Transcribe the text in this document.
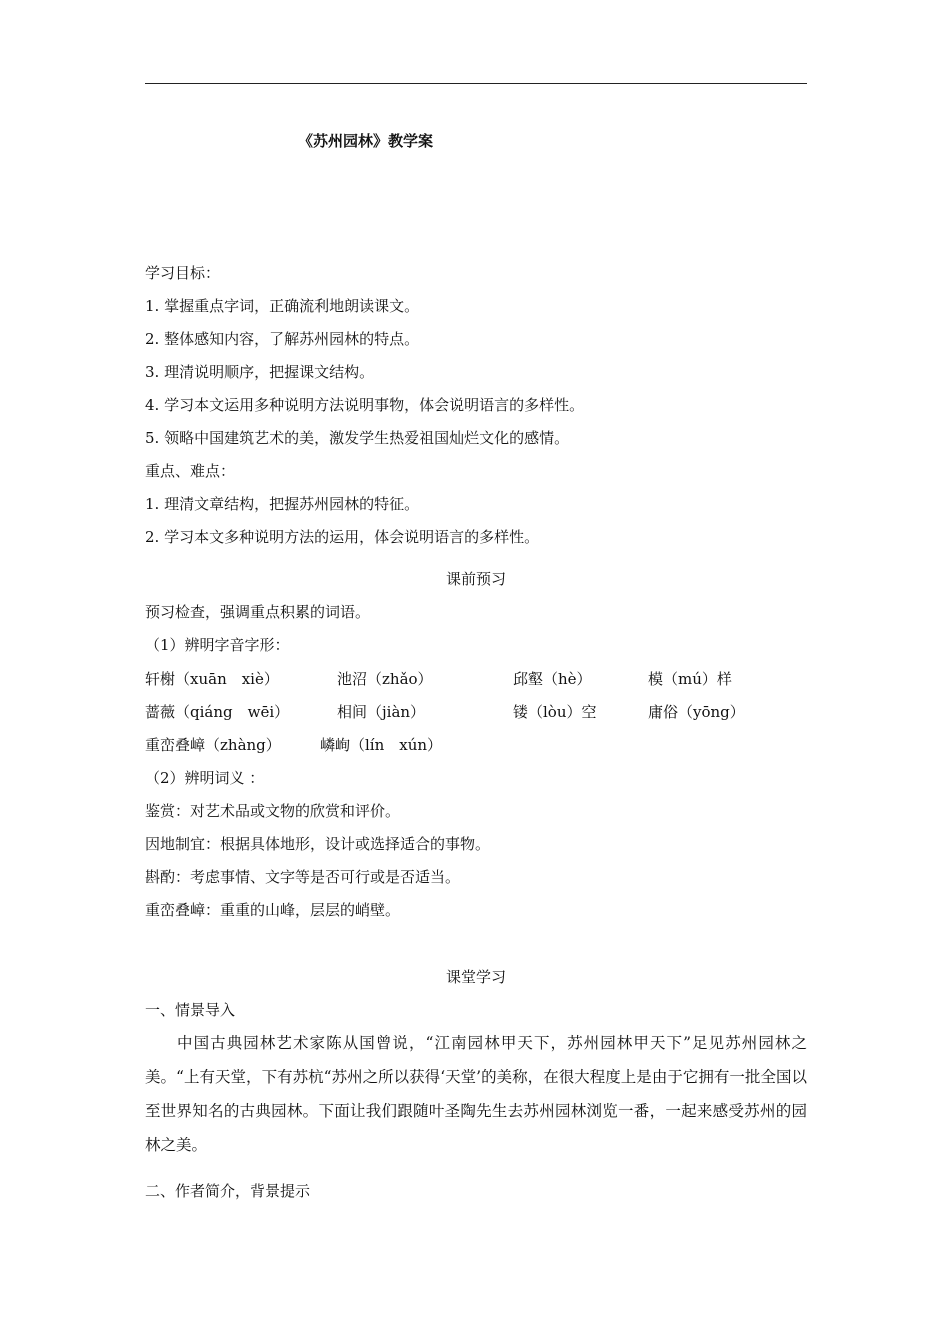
《苏州园林》教学案
学习目标：
1. 掌握重点字词，正确流利地朗读课文。
2. 整体感知内容，了解苏州园林的特点。
3. 理清说明顺序，把握课文结构。
4. 学习本文运用多种说明方法说明事物，体会说明语言的多样性。
5. 领略中国建筑艺术的美，激发学生热爱祖国灿烂文化的感情。
重点、难点：
1. 理清文章结构，把握苏州园林的特征。
2. 学习本文多种说明方法的运用，体会说明语言的多样性。
课前预习
预习检查，强调重点积累的词语。
（1）辨明字音字形：
轩榭（xuān　xiè）	池沼（zhǎo）	邱壑（hè）	模（mú）样
蔷薇（qiáng　wēi）	相间（jiàn）	镂（lòu）空	庸俗（yōng）
重峦叠嶂（zhàng）	嶙峋（lín　xún）
（2）辨明词义 ：
鉴赏：对艺术品或文物的欣赏和评价。
因地制宜：根据具体地形，设计或选择适合的事物。
斟酌：考虑事情、文字等是否可行或是否适当。
重峦叠嶂：重重的山峰，层层的峭壁。
课堂学习
一、情景导入
中国古典园林艺术家陈从国曾说，“江南园林甲天下，苏州园林甲天下”足见苏州园林之美。“上有天堂，下有苏杭“苏州之所以获得‘天堂’的美称，在很大程度上是由于它拥有一批全国以至世界知名的古典园林。下面让我们跟随叶圣陶先生去苏州园林浏览一番，一起来感受苏州的园林之美。
二、作者简介，背景提示
